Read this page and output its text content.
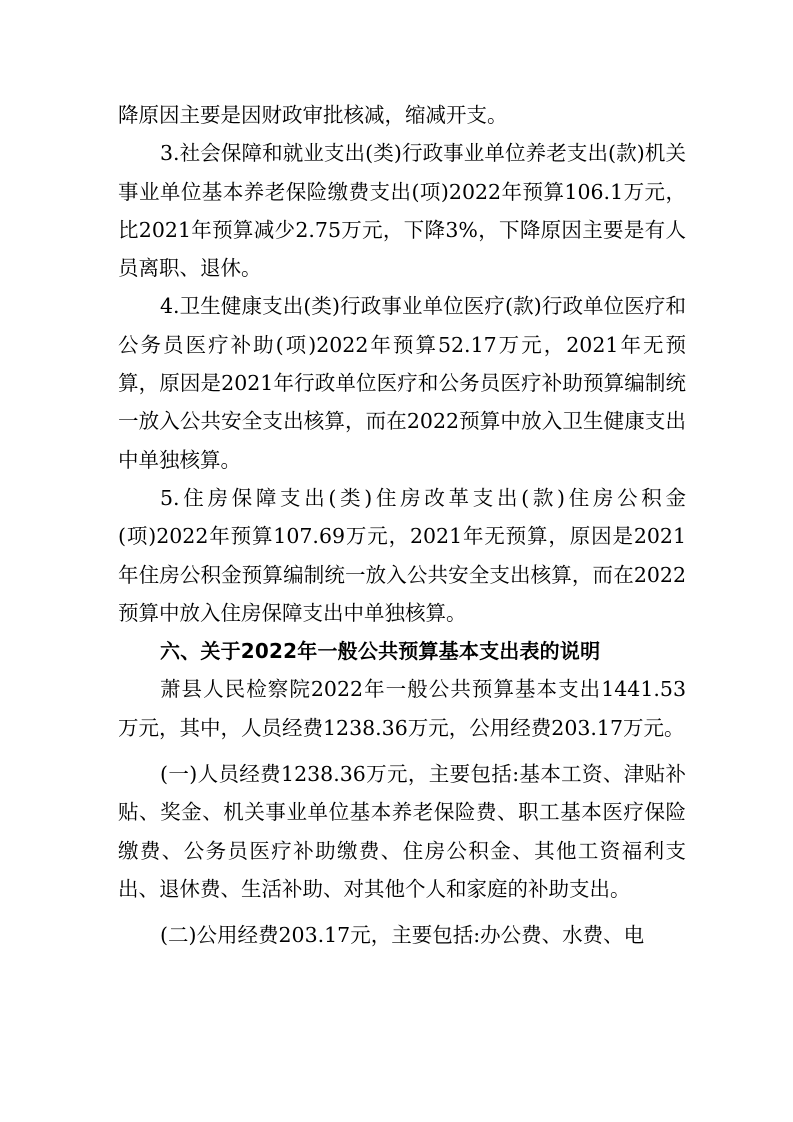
降原因主要是因财政审批核减，缩减开支。

3.社会保障和就业支出(类)行政事业单位养老支出(款)机关事业单位基本养老保险缴费支出(项)2022年预算106.1万元，比2021年预算减少2.75万元，下降3%，下降原因主要是有人员离职、退休。

4.卫生健康支出(类)行政事业单位医疗(款)行政单位医疗和公务员医疗补助(项)2022年预算52.17万元，2021年无预算，原因是2021年行政单位医疗和公务员医疗补助预算编制统一放入公共安全支出核算，而在2022预算中放入卫生健康支出中单独核算。

5.住房保障支出(类)住房改革支出(款)住房公积金(项)2022年预算107.69万元，2021年无预算，原因是2021年住房公积金预算编制统一放入公共安全支出核算，而在2022预算中放入住房保障支出中单独核算。

六、关于2022年一般公共预算基本支出表的说明

萧县人民检察院2022年一般公共预算基本支出1441.53万元，其中，人员经费1238.36万元，公用经费203.17万元。

(一)人员经费1238.36万元，主要包括:基本工资、津贴补贴、奖金、机关事业单位基本养老保险费、职工基本医疗保险缴费、公务员医疗补助缴费、住房公积金、其他工资福利支出、退休费、生活补助、对其他个人和家庭的补助支出。

(二)公用经费203.17元，主要包括:办公费、水费、电
